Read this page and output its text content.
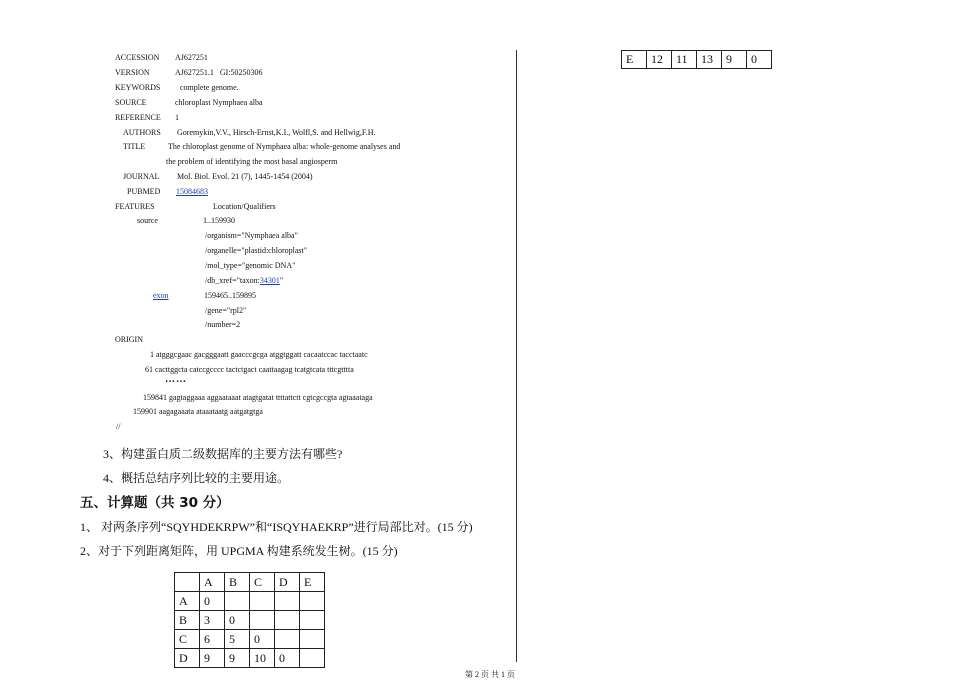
ACCESSION AJ627251
VERSION	AJ627251.1   GI:50250306
KEYWORDS complete genome.
SOURCE	chloroplast Nymphaea alba
REFERENCE 1
AUTHORS Goremykin,V.V., Hirsch-Ernst,K.I., Wolfl,S. and Hellwig,F.H.
TITLE	The chloroplast genome of Nymphaea alba: whole-genome analyses and
the problem of identifying the most basal angiosperm
JOURNAL Mol. Biol. Evol. 21 (7), 1445-1454 (2004)
PUBMED 15084683
FEATURES	Location/Qualifiers
source	1..159930
/organism="Nymphaea alba"
/organelle="plastid:chloroplast"
/mol_type="genomic DNA"
/db_xref="taxon:34301"
exon	159465..159895
/gene="rpl2"
/number=2
ORIGIN
1 atgggcgaac gacgggaatt gaacccgcga atggtggatt cacaatccac tacctaatc
61 cacttggcta catccgcccc tactctgact caattaagag tcatgtcata tttcgtttta
……
159841 gagtaggaaa aggaataaat atagtgatat ttttattctt cgtcgccgta agtaaataga
159901 aagagaaata ataaataatg aatgatgtga
//
3、构建蛋白质二级数据库的主要方法有哪些?
4、概括总结序列比较的主要用途。
五、计算题（共 30 分）
1、 对两条序列“SQYHDEKRPW”和“ISQYHAEKRP”进行局部比对。(15 分)
2、对于下列距离矩阵，用 UPGMA 构建系统发生树。(15 分)
	A	B	C	D	E
A	0				
B	3	0			
C	6	5	0		
D	9	9	10	0	
E	12	11	13	9	0
第 2 页 共 1 页
